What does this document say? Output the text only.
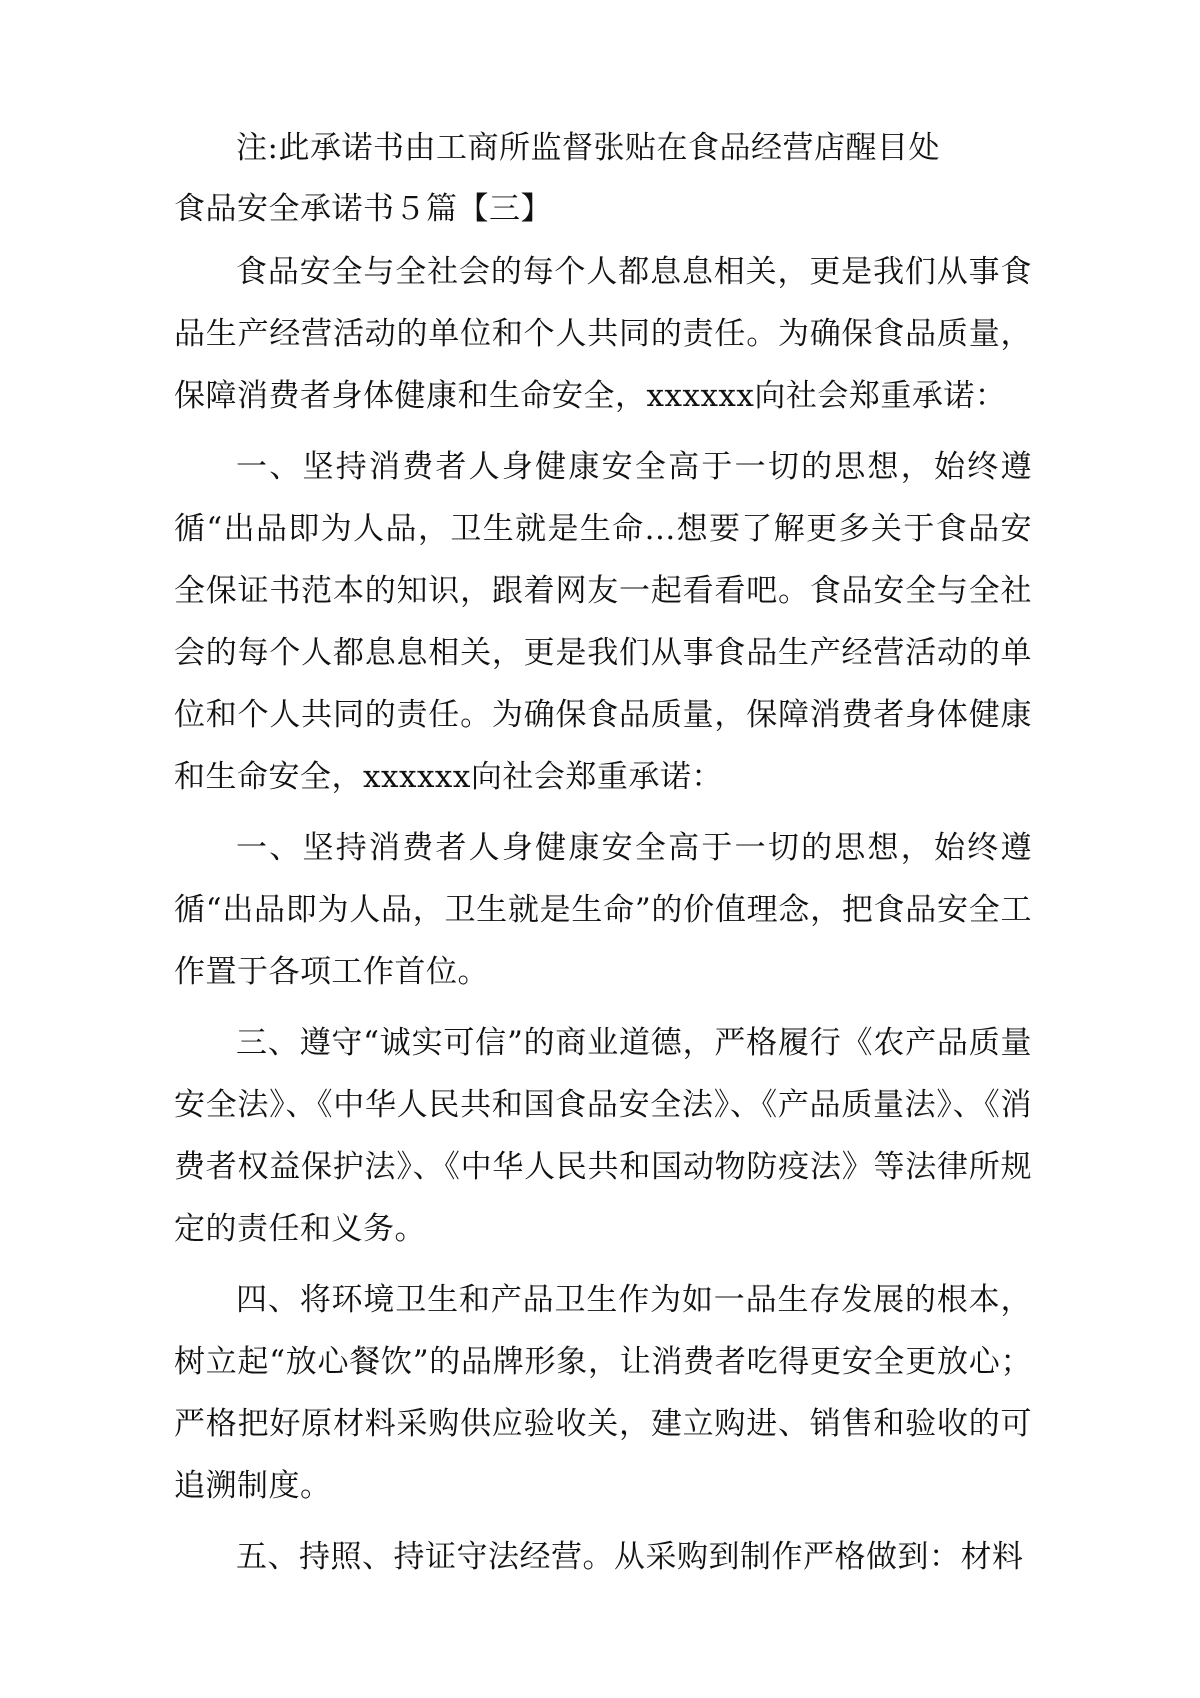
注:此承诺书由工商所监督张贴在食品经营店醒目处
食品安全承诺书５篇【三】

食品安全与全社会的每个人都息息相关，更是我们从事食品生产经营活动的单位和个人共同的责任。为确保食品质量，保障消费者身体健康和生命安全，xxxxxx向社会郑重承诺：

一、坚持消费者人身健康安全高于一切的思想，始终遵循“出品即为人品，卫生就是生命...想要了解更多关于食品安全保证书范本的知识，跟着网友一起看看吧。食品安全与全社会的每个人都息息相关，更是我们从事食品生产经营活动的单位和个人共同的责任。为确保食品质量，保障消费者身体健康和生命安全，xxxxxx向社会郑重承诺：

一、坚持消费者人身健康安全高于一切的思想，始终遵循“出品即为人品，卫生就是生命”的价值理念，把食品安全工作置于各项工作首位。

三、遵守“诚实可信”的商业道德，严格履行《农产品质量安全法》、《中华人民共和国食品安全法》、《产品质量法》、《消费者权益保护法》、《中华人民共和国动物防疫法》等法律所规定的责任和义务。

四、将环境卫生和产品卫生作为如一品生存发展的根本，树立起“放心餐饮”的品牌形象，让消费者吃得更安全更放心；严格把好原材料采购供应验收关，建立购进、销售和验收的可追溯制度。

五、持照、持证守法经营。从采购到制作严格做到：材料
